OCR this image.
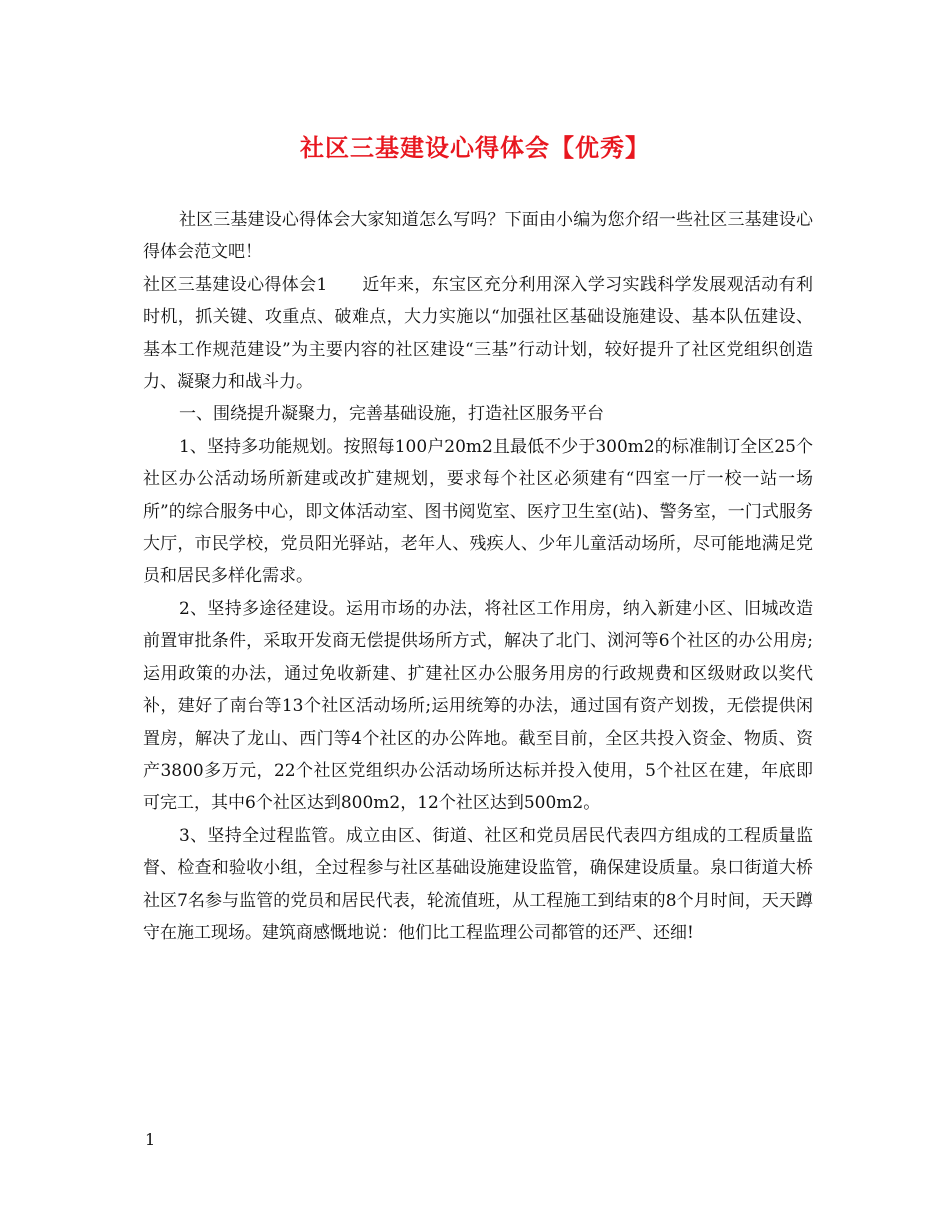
社区三基建设心得体会【优秀】

社区三基建设心得体会大家知道怎么写吗？下面由小编为您介绍一些社区三基建设心得体会范文吧！

社区三基建设心得体会1　　近年来，东宝区充分利用深入学习实践科学发展观活动有利时机，抓关键、攻重点、破难点，大力实施以“加强社区基础设施建设、基本队伍建设、基本工作规范建设”为主要内容的社区建设“三基”行动计划，较好提升了社区党组织创造力、凝聚力和战斗力。

一、围绕提升凝聚力，完善基础设施，打造社区服务平台

1、坚持多功能规划。按照每100户20m2且最低不少于300m2的标准制订全区25个社区办公活动场所新建或改扩建规划，要求每个社区必须建有“四室一厅一校一站一场所”的综合服务中心，即文体活动室、图书阅览室、医疗卫生室(站)、警务室，一门式服务大厅，市民学校，党员阳光驿站，老年人、残疾人、少年儿童活动场所，尽可能地满足党员和居民多样化需求。

2、坚持多途径建设。运用市场的办法，将社区工作用房，纳入新建小区、旧城改造前置审批条件，采取开发商无偿提供场所方式，解决了北门、浏河等6个社区的办公用房;运用政策的办法，通过免收新建、扩建社区办公服务用房的行政规费和区级财政以奖代补，建好了南台等13个社区活动场所;运用统筹的办法，通过国有资产划拨，无偿提供闲置房，解决了龙山、西门等4个社区的办公阵地。截至目前，全区共投入资金、物质、资产3800多万元，22个社区党组织办公活动场所达标并投入使用，5个社区在建，年底即可完工，其中6个社区达到800m2，12个社区达到500m2。

3、坚持全过程监管。成立由区、街道、社区和党员居民代表四方组成的工程质量监督、检查和验收小组，全过程参与社区基础设施建设监管，确保建设质量。泉口街道大桥社区7名参与监管的党员和居民代表，轮流值班，从工程施工到结束的8个月时间，天天蹲守在施工现场。建筑商感慨地说：他们比工程监理公司都管的还严、还细!

1
